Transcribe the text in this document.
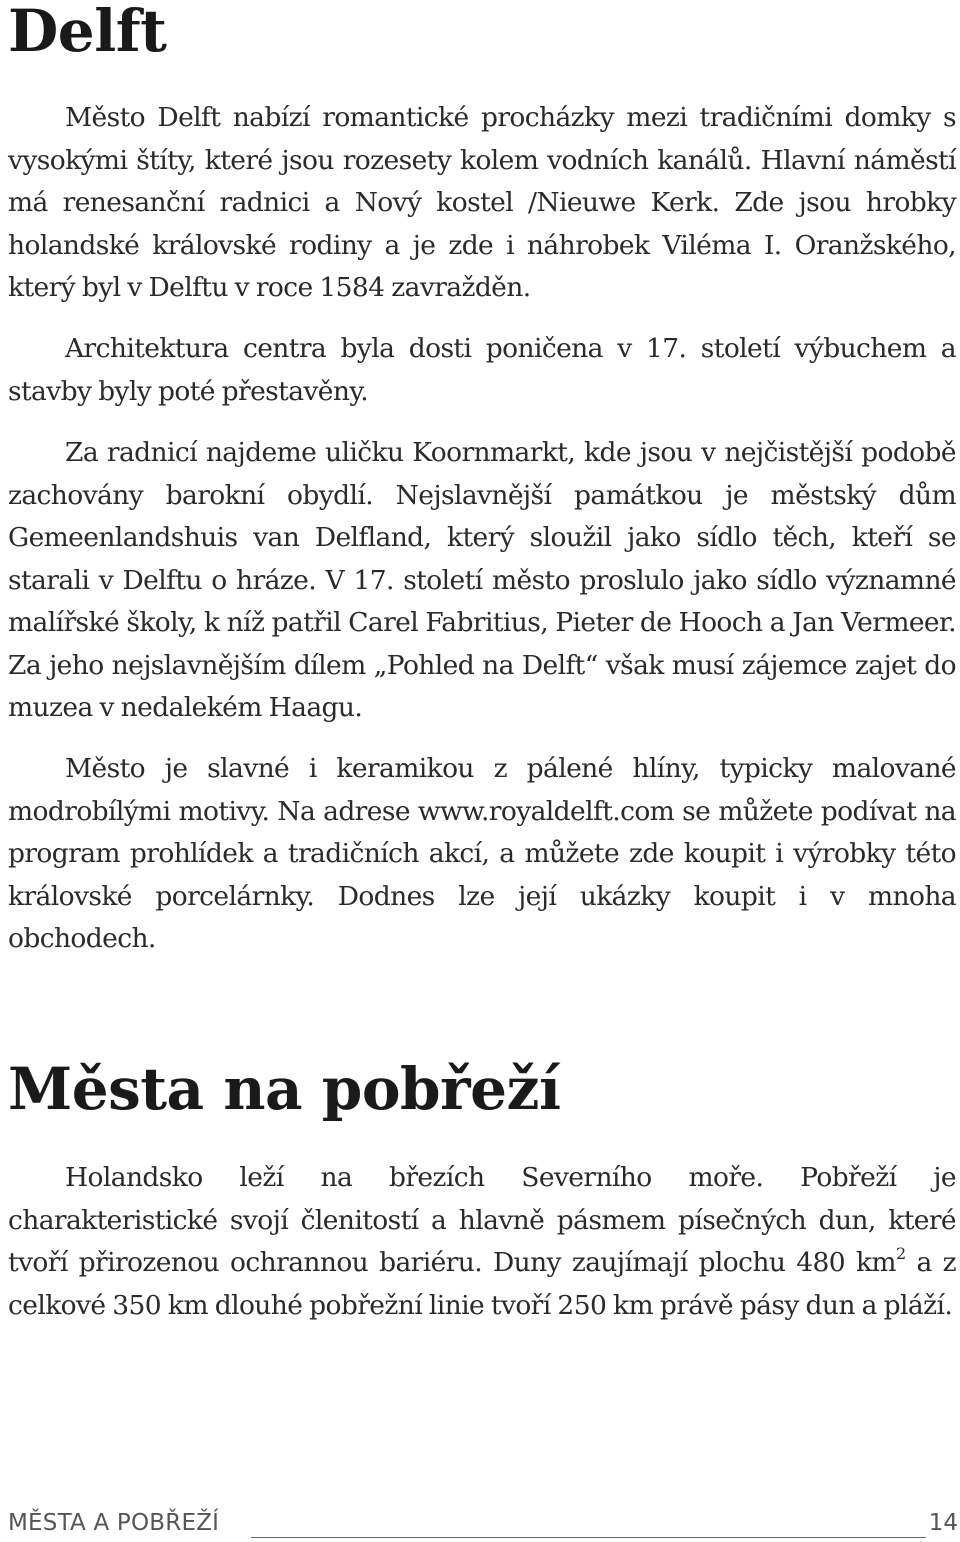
Delft

Město Delft nabízí romantické procházky mezi tradičními domky s vysokými štíty, které jsou rozesety kolem vodních kanálů. Hlavní náměstí má renesanční radnici a Nový kostel /Nieuwe Kerk. Zde jsou hrobky holandské královské rodiny a je zde i náhrobek Viléma I. Oranžského, který byl v Delftu v roce 1584 zavražděn.

Architektura centra byla dosti poničena v 17. století výbuchem a stavby byly poté přestavěny.

Za radnicí najdeme uličku Koornmarkt, kde jsou v nejčistější podobě zachovány barokní obydlí. Nejslavnější památkou je městský dům Gemeenlandshuis van Delfland, který sloužil jako sídlo těch, kteří se starali v Delftu o hráze. V 17. století město proslulo jako sídlo významné malířské školy, k níž patřil Carel Fabritius, Pieter de Hooch a Jan Vermeer. Za jeho nejslavnějším dílem „Pohled na Delft“ však musí zájemce zajet do muzea v nedalekém Haagu.

Město je slavné i keramikou z pálené hlíny, typicky malované modrobílými motivy. Na adrese www.royaldelft.com se můžete podívat na program prohlídek a tradičních akcí, a můžete zde koupit i výrobky této královské porcelárnky. Dodnes lze její ukázky koupit i v mnoha obchodech.

Města na pobřeží

Holandsko leží na březích Severního moře. Pobřeží je charakteristické svojí členitostí a hlavně pásmem písečných dun, které tvoří přirozenou ochrannou bariéru. Duny zaujímají plochu 480 $km^2$ a z celkové 350 km dlouhé pobřežní linie tvoří 250 km právě pásy dun a pláží.

MĚSTA A POBŘEŽÍ	14
